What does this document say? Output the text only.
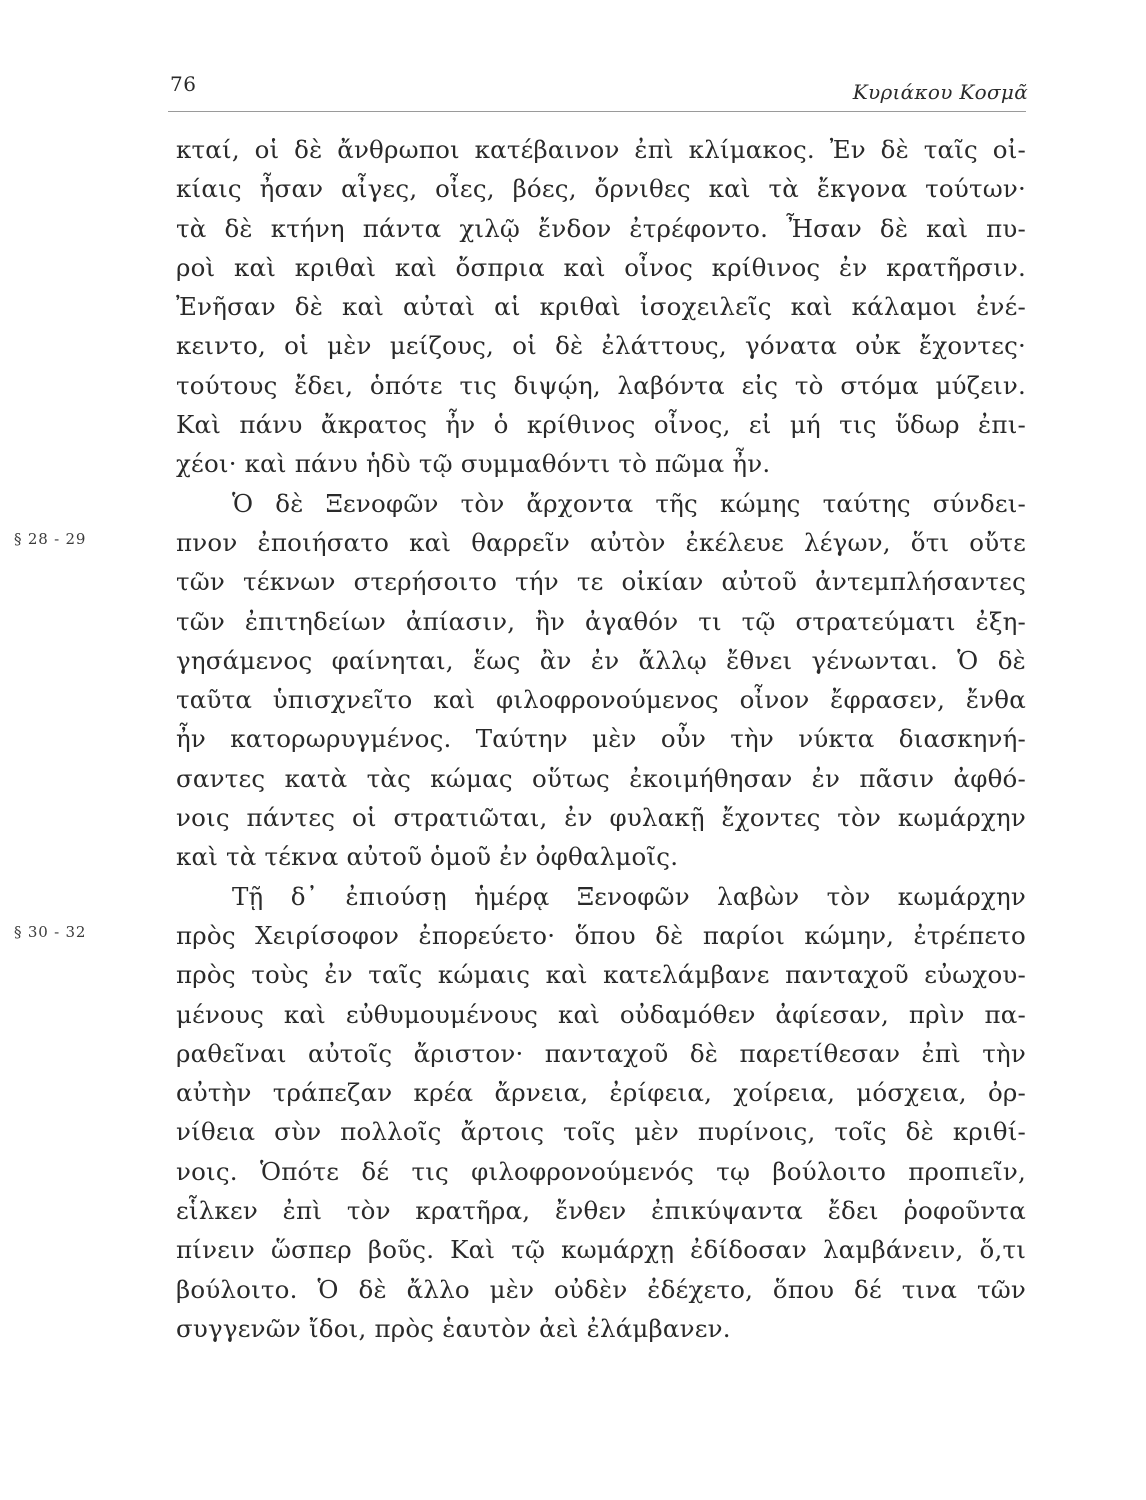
76	Κυριάκου Κοσμᾶ
§ 28 - 29
§ 30 - 32
κταί, οἱ δὲ ἄνθρωποι κατέβαινον ἐπὶ κλίμακος. Ἐν δὲ ταῖς οἰ-
κίαις ἦσαν αἶγες, οἶες, βόες, ὄρνιθες καὶ τὰ ἔκγονα τούτων·
τὰ δὲ κτήνη πάντα χιλῷ ἔνδον ἐτρέφοντο. Ἦσαν δὲ καὶ πυ-
ροὶ καὶ κριθαὶ καὶ ὄσπρια καὶ οἶνος κρίθινος ἐν κρατῆρσιν.
Ἐνῆσαν δὲ καὶ αὐταὶ αἱ κριθαὶ ἰσοχειλεῖς καὶ κάλαμοι ἐνέ-
κειντο, οἱ μὲν μείζους, οἱ δὲ ἐλάττους, γόνατα οὐκ ἔχοντες·
τούτους ἔδει, ὁπότε τις διψῴη, λαβόντα εἰς τὸ στόμα μύζειν.
Καὶ πάνυ ἄκρατος ἦν ὁ κρίθινος οἶνος, εἰ μή τις ὕδωρ ἐπι-
χέοι· καὶ πάνυ ἡδὺ τῷ συμμαθόντι τὸ πῶμα ἦν.
Ὁ δὲ Ξενοφῶν τὸν ἄρχοντα τῆς κώμης ταύτης σύνδει-
πνον ἐποιήσατο καὶ θαρρεῖν αὐτὸν ἐκέλευε λέγων, ὅτι οὔτε
τῶν τέκνων στερήσοιτο τήν τε οἰκίαν αὐτοῦ ἀντεμπλήσαντες
τῶν ἐπιτηδείων ἀπίασιν, ἢν ἀγαθόν τι τῷ στρατεύματι ἐξη-
γησάμενος φαίνηται, ἕως ἂν ἐν ἄλλῳ ἔθνει γένωνται. Ὁ δὲ
ταῦτα ὑπισχνεῖτο καὶ φιλοφρονούμενος οἶνον ἔφρασεν, ἔνθα
ἦν κατορωρυγμένος. Ταύτην μὲν οὖν τὴν νύκτα διασκηνή-
σαντες κατὰ τὰς κώμας οὕτως ἐκοιμήθησαν ἐν πᾶσιν ἀφθό-
νοις πάντες οἱ στρατιῶται, ἐν φυλακῇ ἔχοντες τὸν κωμάρχην
καὶ τὰ τέκνα αὐτοῦ ὁμοῦ ἐν ὀφθαλμοῖς.
Τῇ δ᾽ ἐπιούσῃ ἡμέρᾳ Ξενοφῶν λαβὼν τὸν κωμάρχην
πρὸς Χειρίσοφον ἐπορεύετο· ὅπου δὲ παρίοι κώμην, ἐτρέπετο
πρὸς τοὺς ἐν ταῖς κώμαις καὶ κατελάμβανε πανταχοῦ εὐωχου-
μένους καὶ εὐθυμουμένους καὶ οὐδαμόθεν ἀφίεσαν, πρὶν πα-
ραθεῖναι αὐτοῖς ἄριστον· πανταχοῦ δὲ παρετίθεσαν ἐπὶ τὴν
αὐτὴν τράπεζαν κρέα ἄρνεια, ἐρίφεια, χοίρεια, μόσχεια, ὀρ-
νίθεια σὺν πολλοῖς ἄρτοις τοῖς μὲν πυρίνοις, τοῖς δὲ κριθί-
νοις. Ὁπότε δέ τις φιλοφρονούμενός τῳ βούλοιτο προπιεῖν,
εἷλκεν ἐπὶ τὸν κρατῆρα, ἔνθεν ἐπικύψαντα ἔδει ῥοφοῦντα
πίνειν ὥσπερ βοῦς. Καὶ τῷ κωμάρχῃ ἐδίδοσαν λαμβάνειν, ὅ,τι
βούλοιτο. Ὁ δὲ ἄλλο μὲν οὐδὲν ἐδέχετο, ὅπου δέ τινα τῶν
συγγενῶν ἴδοι, πρὸς ἑαυτὸν ἀεὶ ἐλάμβανεν.
